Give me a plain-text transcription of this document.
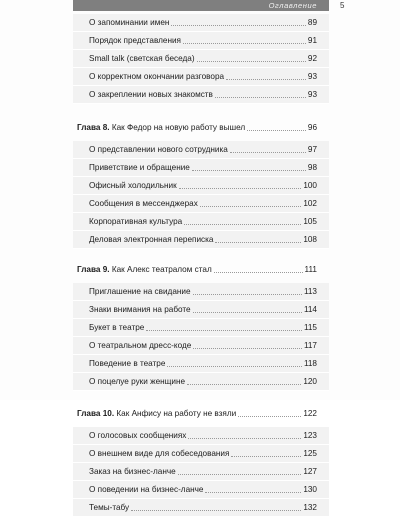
Оглавление	5
О запоминании имен	89
Порядок представления	91
Small talk (светская беседа)	92
О корректном окончании разговора	93
О закреплении новых знакомств	93
Глава 8. Как Федор на новую работу вышел	96
О представлении нового сотрудника	97
Приветствие и обращение	98
Офисный холодильник	100
Сообщения в мессенджерах	102
Корпоративная культура	105
Деловая электронная переписка	108
Глава 9. Как Алекс театралом стал	111
Приглашение на свидание	113
Знаки внимания на работе	114
Букет в театре	115
О театральном дресс-коде	117
Поведение в театре	118
О поцелуе руки женщине	120
Глава 10. Как Анфису на работу не взяли	122
О голосовых сообщениях	123
О внешнем виде для собеседования	125
Заказ на бизнес-ланче	127
О поведении на бизнес-ланче	130
Темы-табу	132
